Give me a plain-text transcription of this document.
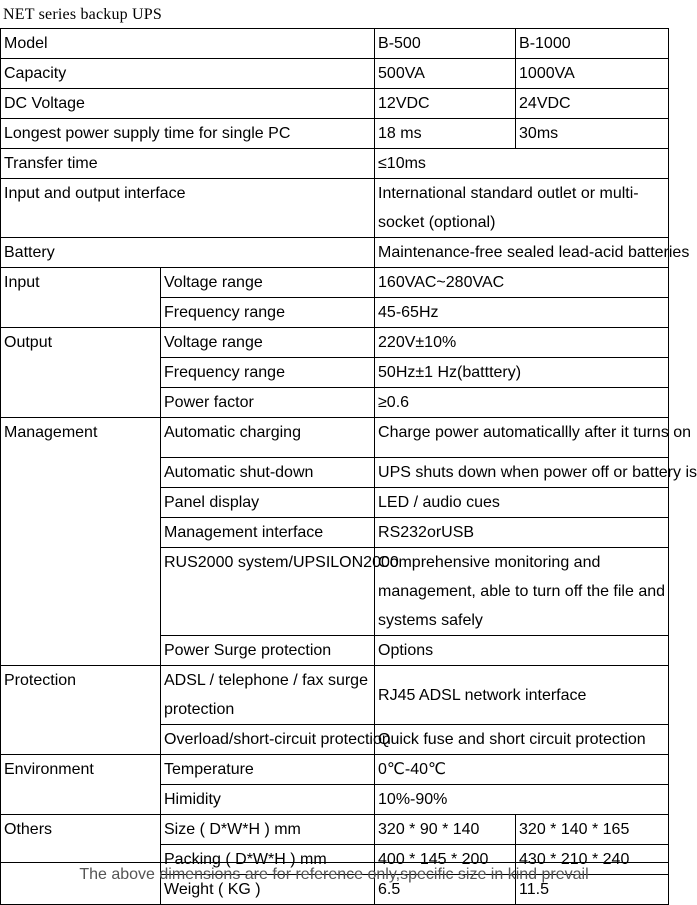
NET series backup UPS
Model		B-500	B-1000
Capacity		500VA	1000VA
DC Voltage		12VDC	24VDC
Longest power supply time for single PC		18 ms	30ms
Transfer time		≤10ms	
Input and output interface		International standard outlet or multi-socket (optional)	
Battery		Maintenance-free sealed lead-acid batteries	
Input	Voltage range	160VAC~280VAC	
	Frequency range	45-65Hz	
Output	Voltage range	220V±10%	
	Frequency range	50Hz±1 Hz(batttery)	
	Power factor	≥0.6	
Management	Automatic charging	Charge power automaticallly after it turns on	
	Automatic shut-down	UPS shuts down when power off or battery is	
	Panel display	LED / audio cues	
	Management interface	RS232orUSB	
	RUS2000 system/UPSILON2000	Comprehensive monitoring and management, able to turn off the file and systems safely	
	Power Surge protection	Options	
Protection	ADSL / telephone / fax surge protection	RJ45 ADSL network interface	
	Overload/short-circuit protection	Quick fuse and short circuit protection	
Environment	Temperature	0℃-40℃	
	Himidity	10%-90%	
Others	Size ( D*W*H ) mm	320 * 90 * 140	320 * 140 * 165
	Packing ( D*W*H ) mm	400 * 145 * 200	430 * 210 * 240
	Weight ( KG )	6.5	11.5
The above dimensions are for reference only,specific size in kind prevail
